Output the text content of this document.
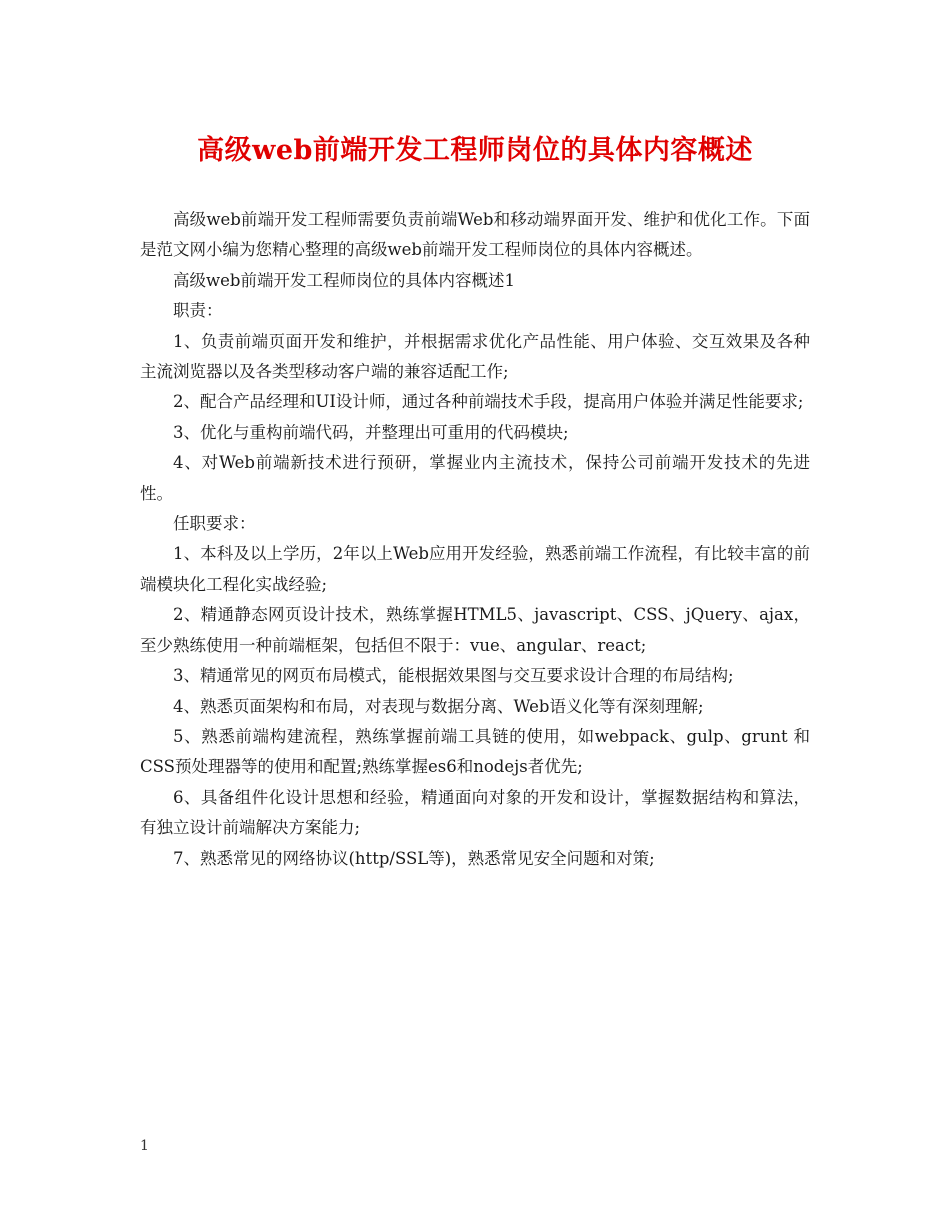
高级web前端开发工程师岗位的具体内容概述

高级web前端开发工程师需要负责前端Web和移动端界面开发、维护和优化工作。下面是范文网小编为您精心整理的高级web前端开发工程师岗位的具体内容概述。

高级web前端开发工程师岗位的具体内容概述1

职责：

1、负责前端页面开发和维护，并根据需求优化产品性能、用户体验、交互效果及各种主流浏览器以及各类型移动客户端的兼容适配工作;

2、配合产品经理和UI设计师，通过各种前端技术手段，提高用户体验并满足性能要求;

3、优化与重构前端代码，并整理出可重用的代码模块;

4、对Web前端新技术进行预研，掌握业内主流技术，保持公司前端开发技术的先进性。

任职要求：

1、本科及以上学历，2年以上Web应用开发经验，熟悉前端工作流程，有比较丰富的前端模块化工程化实战经验;

2、精通静态网页设计技术，熟练掌握HTML5、javascript、CSS、jQuery、ajax，至少熟练使用一种前端框架，包括但不限于：vue、angular、react;

3、精通常见的网页布局模式，能根据效果图与交互要求设计合理的布局结构;

4、熟悉页面架构和布局，对表现与数据分离、Web语义化等有深刻理解;

5、熟悉前端构建流程，熟练掌握前端工具链的使用，如webpack、gulp、grunt 和 CSS预处理器等的使用和配置;熟练掌握es6和nodejs者优先;

6、具备组件化设计思想和经验，精通面向对象的开发和设计，掌握数据结构和算法，有独立设计前端解决方案能力;

7、熟悉常见的网络协议(http/SSL等)，熟悉常见安全问题和对策;

1
